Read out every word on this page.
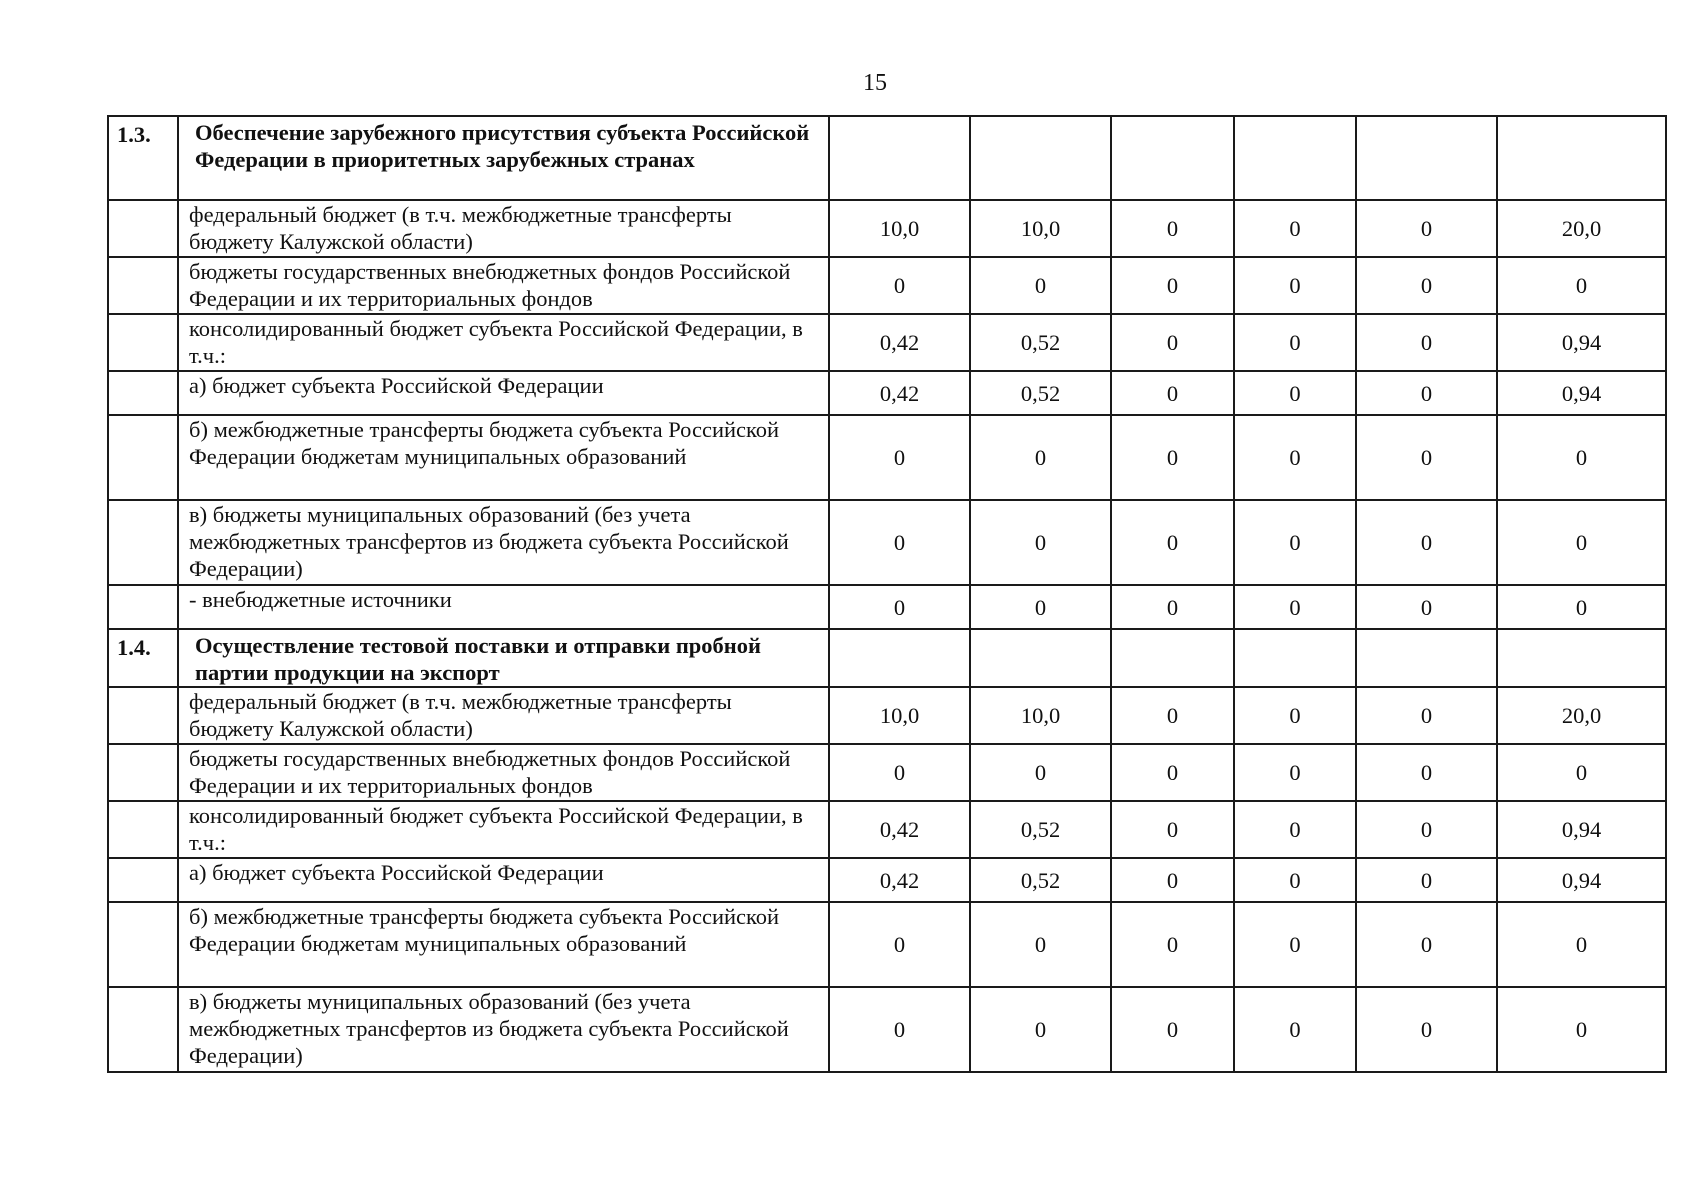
15
1.3.	Обеспечение зарубежного присутствия субъекта Российской Федерации в приоритетных зарубежных странах						
	федеральный бюджет (в т.ч. межбюджетные трансферты бюджету Калужской области)	10,0	10,0	0	0	0	20,0
	бюджеты государственных внебюджетных фондов Российской Федерации и их территориальных фондов	0	0	0	0	0	0
	консолидированный бюджет субъекта Российской Федерации, в т.ч.:	0,42	0,52	0	0	0	0,94
	а) бюджет субъекта Российской Федерации	0,42	0,52	0	0	0	0,94
	б) межбюджетные трансферты бюджета субъекта Российской Федерации бюджетам муниципальных образований	0	0	0	0	0	0
	в) бюджеты муниципальных образований (без учета межбюджетных трансфертов из бюджета субъекта Российской Федерации)	0	0	0	0	0	0
	- внебюджетные источники	0	0	0	0	0	0
1.4.	Осуществление тестовой поставки и отправки пробной партии продукции на экспорт						
	федеральный бюджет (в т.ч. межбюджетные трансферты бюджету Калужской области)	10,0	10,0	0	0	0	20,0
	бюджеты государственных внебюджетных фондов Российской Федерации и их территориальных фондов	0	0	0	0	0	0
	консолидированный бюджет субъекта Российской Федерации, в т.ч.:	0,42	0,52	0	0	0	0,94
	а) бюджет субъекта Российской Федерации	0,42	0,52	0	0	0	0,94
	б) межбюджетные трансферты бюджета субъекта Российской Федерации бюджетам муниципальных образований	0	0	0	0	0	0
	в) бюджеты муниципальных образований (без учета межбюджетных трансфертов из бюджета субъекта Российской Федерации)	0	0	0	0	0	0
